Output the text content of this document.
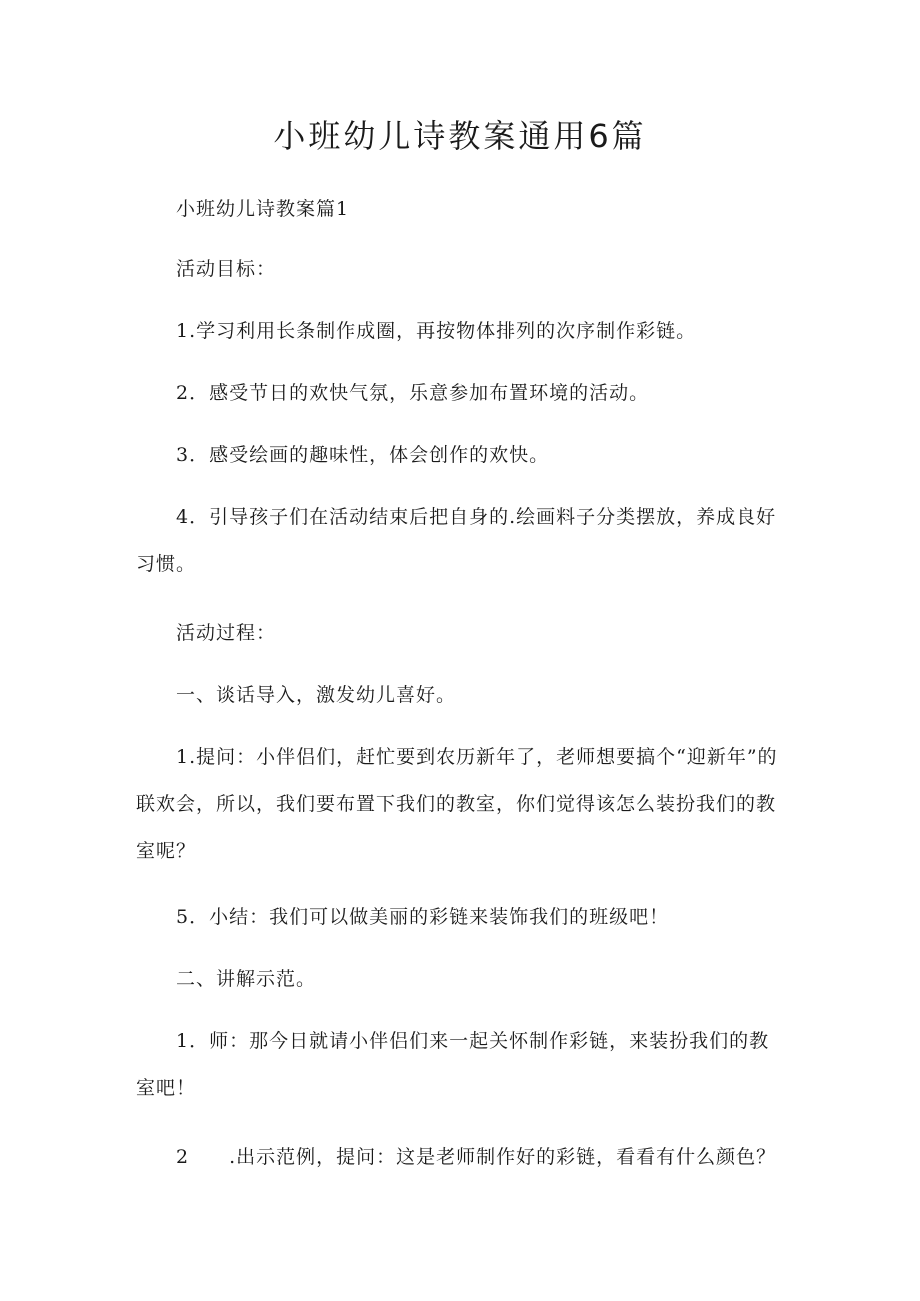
小班幼儿诗教案通用6篇

小班幼儿诗教案篇1

活动目标：

1.学习利用长条制作成圈，再按物体排列的次序制作彩链。

2．感受节日的欢快气氛，乐意参加布置环境的活动。

3．感受绘画的趣味性，体会创作的欢快。

4．引导孩子们在活动结束后把自身的.绘画料子分类摆放，养成良好习惯。

活动过程：

一、谈话导入，激发幼儿喜好。

1.提问：小伴侣们，赶忙要到农历新年了，老师想要搞个“迎新年”的联欢会，所以，我们要布置下我们的教室，你们觉得该怎么装扮我们的教室呢？

5．小结：我们可以做美丽的彩链来装饰我们的班级吧！

二、讲解示范。

1．师：那今日就请小伴侣们来一起关怀制作彩链，来装扮我们的教室吧！

2　　.出示范例，提问：这是老师制作好的彩链，看看有什么颜色？
